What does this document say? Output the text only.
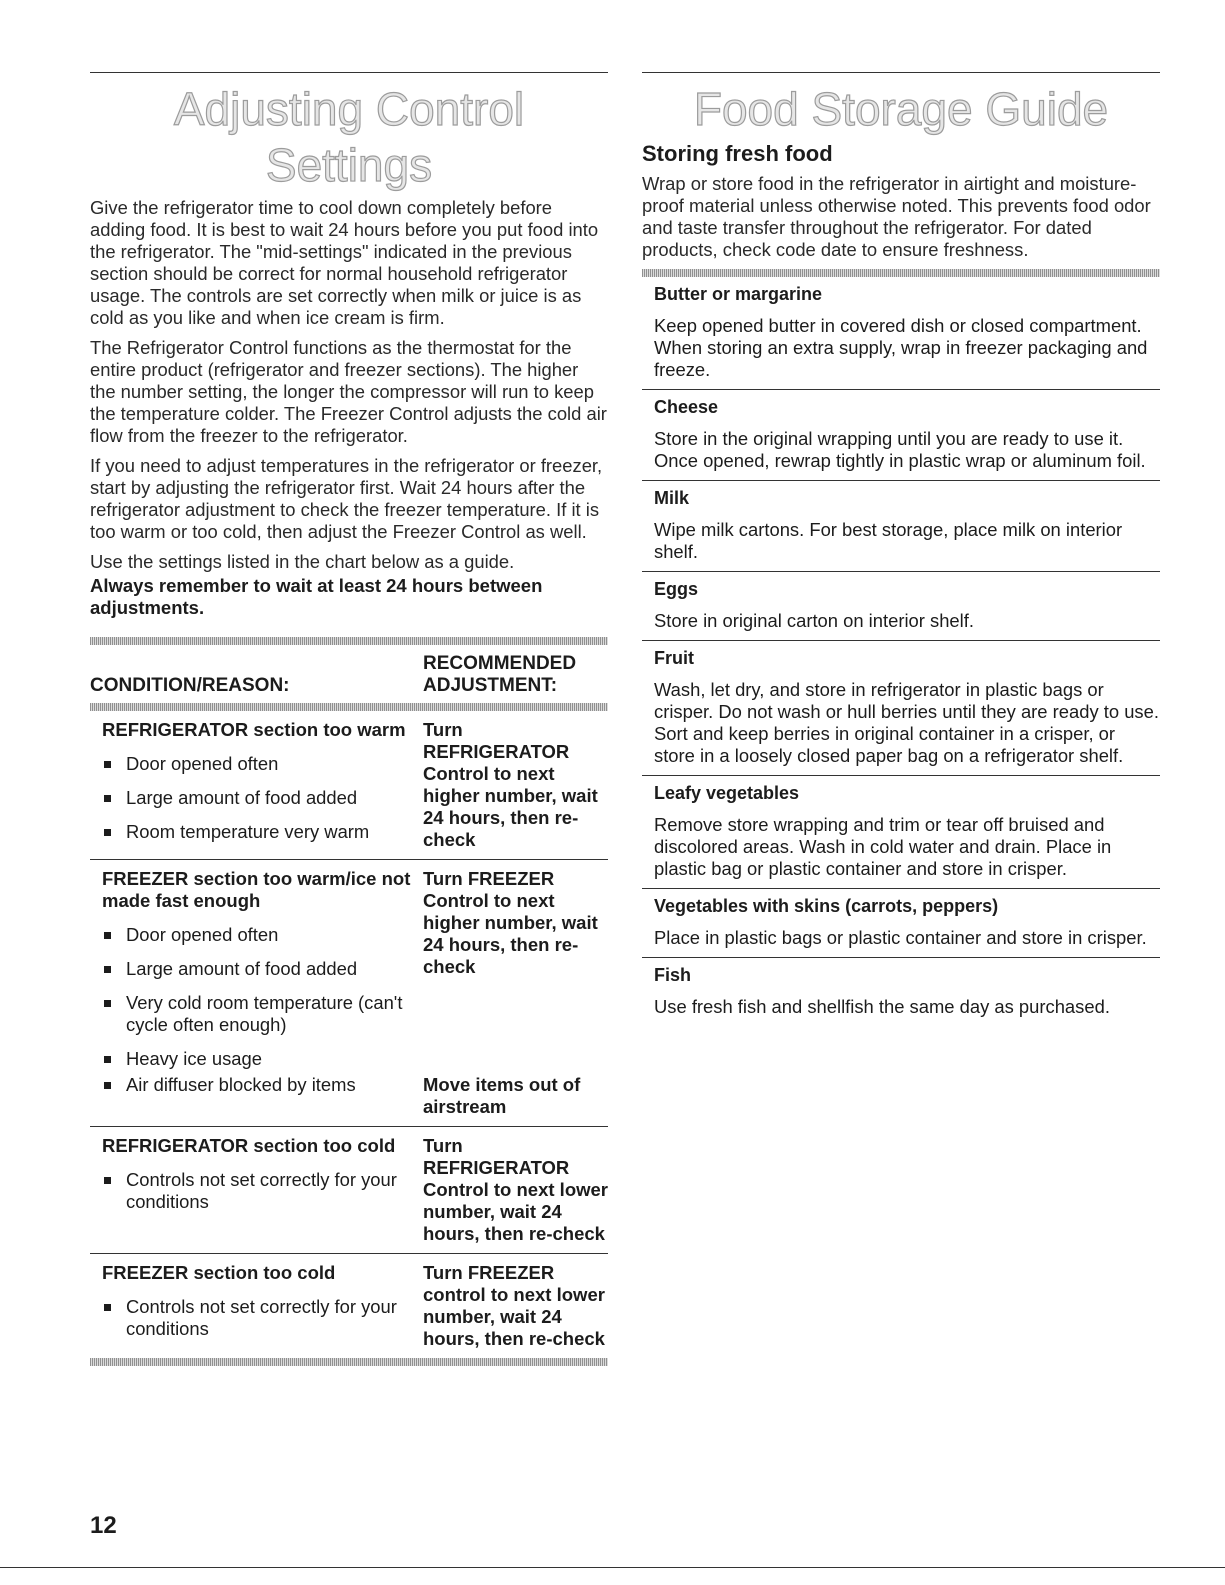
Adjusting Control Settings

Give the refrigerator time to cool down completely before adding food. It is best to wait 24 hours before you put food into the refrigerator. The "mid-settings" indicated in the previous section should be correct for normal household refrigerator usage. The controls are set correctly when milk or juice is as cold as you like and when ice cream is firm.

The Refrigerator Control functions as the thermostat for the entire product (refrigerator and freezer sections). The higher the number setting, the longer the compressor will run to keep the temperature colder. The Freezer Control adjusts the cold air flow from the freezer to the refrigerator.

If you need to adjust temperatures in the refrigerator or freezer, start by adjusting the refrigerator first. Wait 24 hours after the refrigerator adjustment to check the freezer temperature. If it is too warm or too cold, then adjust the Freezer Control as well.

Use the settings listed in the chart below as a guide.

Always remember to wait at least 24 hours between adjustments.

CONDITION/REASON:
RECOMMENDED ADJUSTMENT:
REFRIGERATOR section too warm
Door opened often
Large amount of food added
Room temperature very warm
Turn REFRIGERATOR Control to next higher number, wait 24 hours, then re-check
FREEZER section too warm/ice not made fast enough
Door opened often
Large amount of food added
Very cold room temperature (can't cycle often enough)
Heavy ice usage
Turn FREEZER Control to next higher number, wait 24 hours, then re-check
Air diffuser blocked by items	Move items out of airstream
REFRIGERATOR section too cold
Controls not set correctly for your conditions
Turn REFRIGERATOR Control to next lower number, wait 24 hours, then re-check
FREEZER section too cold
Controls not set correctly for your conditions
Turn FREEZER control to next lower number, wait 24 hours, then re-check
Food Storage Guide
Storing fresh food

Wrap or store food in the refrigerator in airtight and moisture-proof material unless otherwise noted. This prevents food odor and taste transfer throughout the refrigerator. For dated products, check code date to ensure freshness.

Butter or margarine
Keep opened butter in covered dish or closed compartment. When storing an extra supply, wrap in freezer packaging and freeze.
Cheese
Store in the original wrapping until you are ready to use it. Once opened, rewrap tightly in plastic wrap or aluminum foil.
Milk
Wipe milk cartons. For best storage, place milk on interior shelf.
Eggs
Store in original carton on interior shelf.
Fruit
Wash, let dry, and store in refrigerator in plastic bags or crisper. Do not wash or hull berries until they are ready to use. Sort and keep berries in original container in a crisper, or store in a loosely closed paper bag on a refrigerator shelf.
Leafy vegetables
Remove store wrapping and trim or tear off bruised and discolored areas. Wash in cold water and drain. Place in plastic bag or plastic container and store in crisper.
Vegetables with skins (carrots, peppers)
Place in plastic bags or plastic container and store in crisper.
Fish
Use fresh fish and shellfish the same day as purchased.
12
